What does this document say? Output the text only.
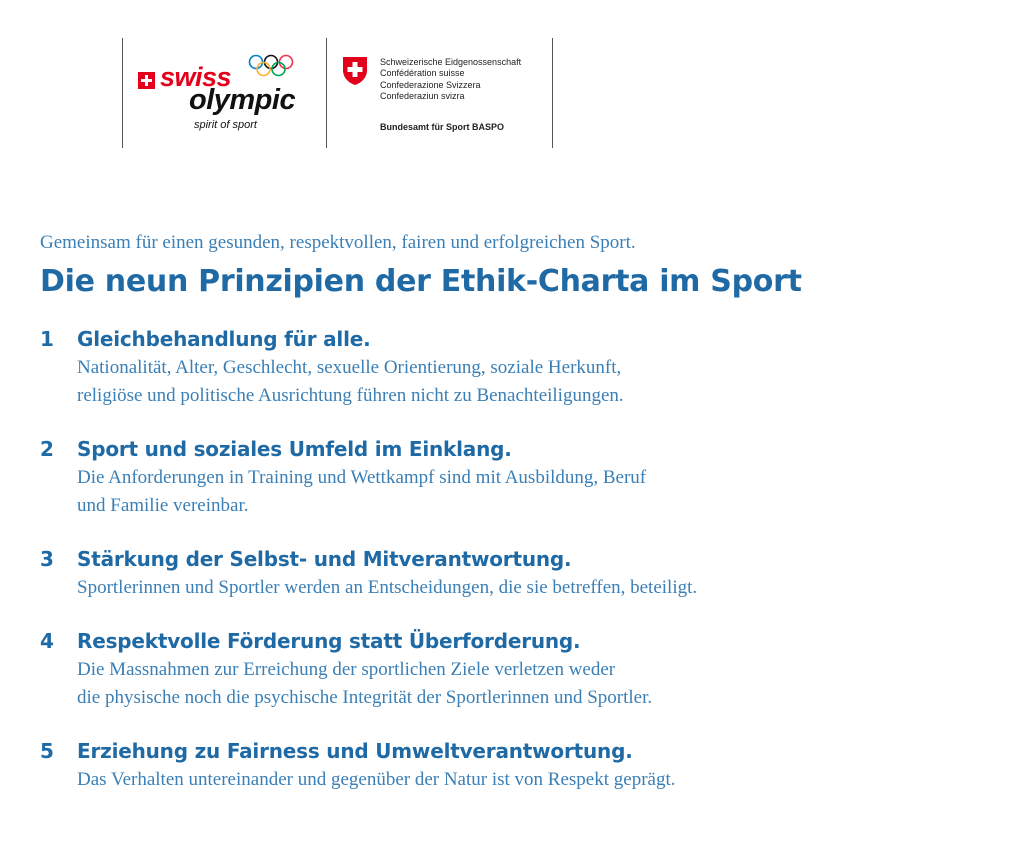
swiss
olympic
spirit of sport
Schweizerische Eidgenossenschaft
Confédération suisse
Confederazione Svizzera
Confederaziun svizra
Bundesamt für Sport BASPO

Gemeinsam für einen gesunden, respektvollen, fairen und erfolgreichen Sport.

Die neun Prinzipien der Ethik-Charta im Sport
1	Gleichbehandlung für alle.
Nationalität, Alter, Geschlecht, sexuelle Orientierung, soziale Herkunft,
religiöse und politische Ausrichtung führen nicht zu Benachteiligungen.
2	Sport und soziales Umfeld im Einklang.
Die Anforderungen in Training und Wettkampf sind mit Ausbildung, Beruf
und Familie vereinbar.
3	Stärkung der Selbst- und Mitverantwortung.
Sportlerinnen und Sportler werden an Entscheidungen, die sie betreffen, beteiligt.
4	Respektvolle Förderung statt Überforderung.
Die Massnahmen zur Erreichung der sportlichen Ziele verletzen weder
die physische noch die psychische Integrität der Sportlerinnen und Sportler.
5	Erziehung zu Fairness und Umweltverantwortung.
Das Verhalten untereinander und gegenüber der Natur ist von Respekt geprägt.
